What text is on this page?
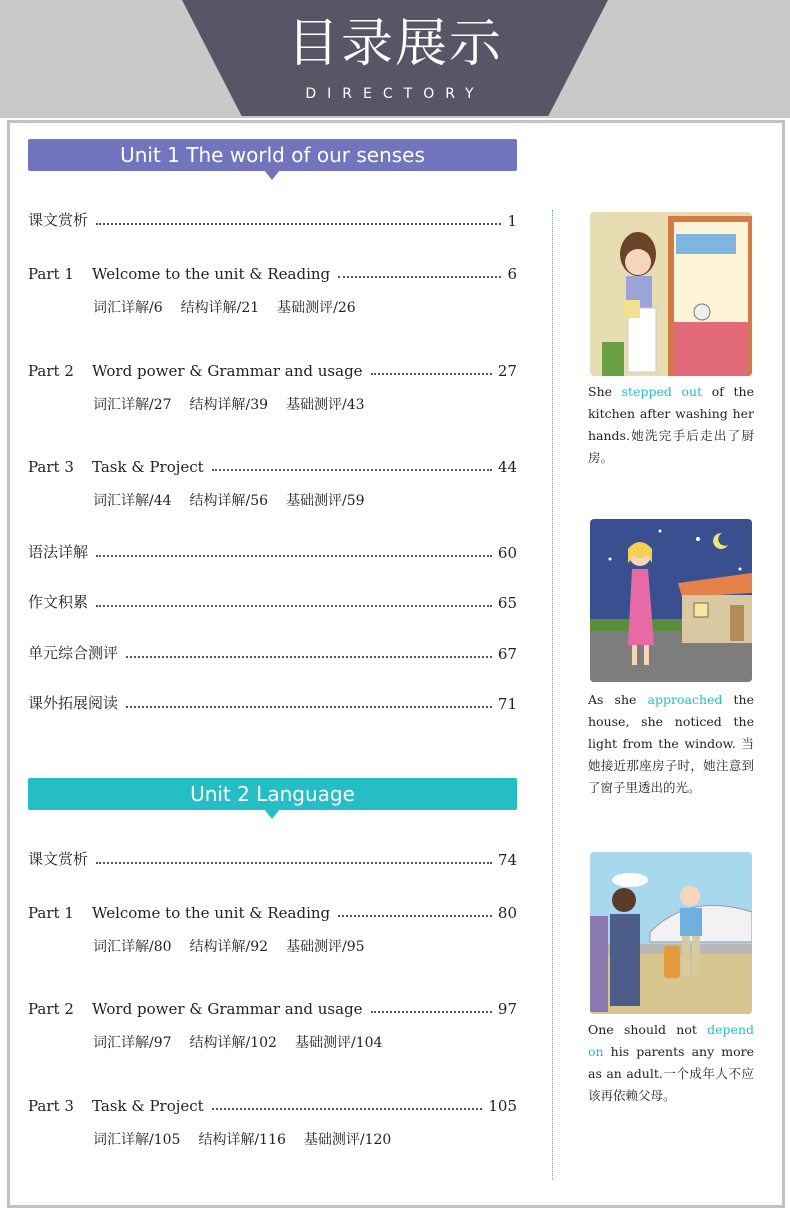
目录展示
DIRECTORY
Unit 1 The world of our senses
课文赏析	1
Part 1 Welcome to the unit & Reading	6
词汇详解/6 结构详解/21 基础测评/26
Part 2 Word power & Grammar and usage	27
词汇详解/27 结构详解/39 基础测评/43
Part 3 Task & Project	44
词汇详解/44 结构详解/56 基础测评/59
语法详解	60
作文积累	65
单元综合测评	67
课外拓展阅读	71
Unit 2 Language
课文赏析	74
Part 1 Welcome to the unit & Reading	80
词汇详解/80 结构详解/92 基础测评/95
Part 2 Word power & Grammar and usage	97
词汇详解/97 结构详解/102 基础测评/104
Part 3 Task & Project	105
词汇详解/105 结构详解/116 基础测评/120
She stepped out of the kitchen after washing her hands.她洗完手后走出了厨房。
As she approached the house, she noticed the light from the window. 当她接近那座房子时，她注意到了窗子里透出的光。
One should not depend on his parents any more as an adult.一个成年人不应该再依赖父母。
